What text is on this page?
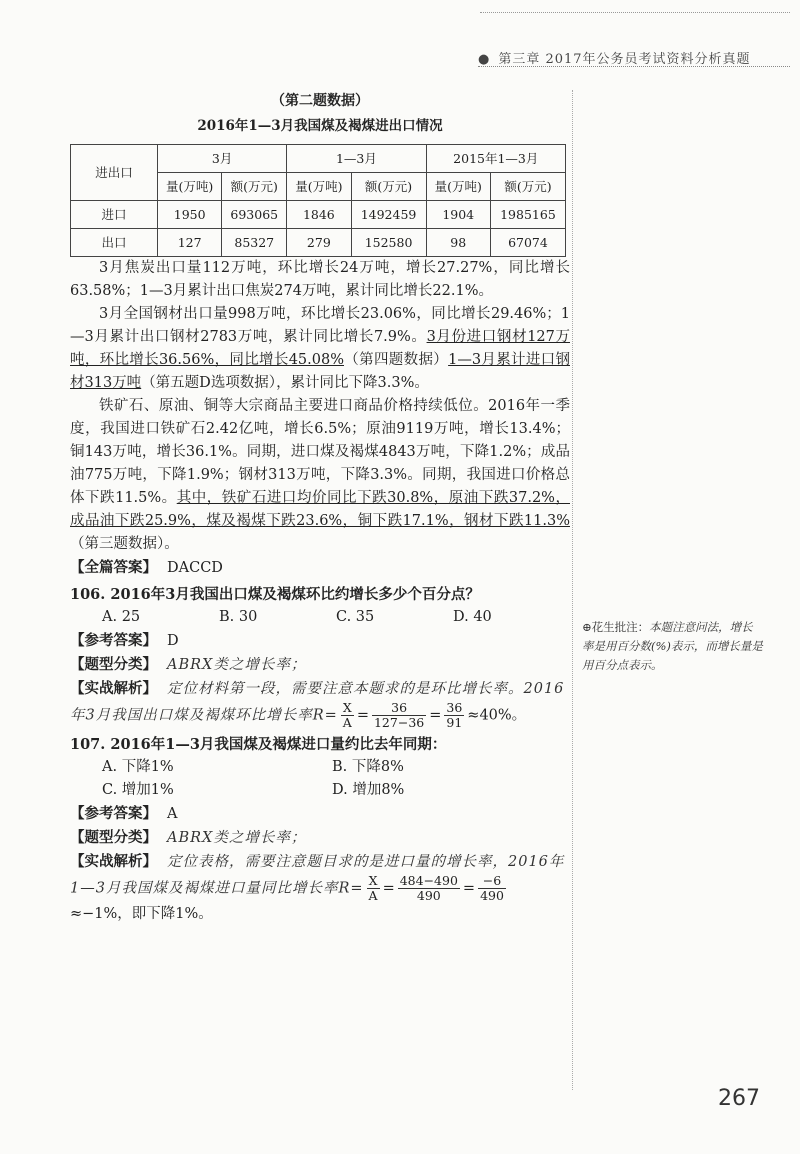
● 第三章 2017年公务员考试资料分析真题

（第二题数据）

2016年1—3月我国煤及褐煤进出口情况

进出口	3月		1—3月		2015年1—3月	
	量(万吨)	额(万元)	量(万吨)	额(万元)	量(万吨)	额(万元)
进口	1950	693065	1846	1492459	1904	1985165
出口	127	85327	279	152580	98	67074

3月焦炭出口量112万吨，环比增长24万吨，增长27.27%，同比增长63.58%；1—3月累计出口焦炭274万吨，累计同比增长22.1%。

3月全国钢材出口量998万吨，环比增长23.06%，同比增长29.46%；1—3月累计出口钢材2783万吨，累计同比增长7.9%。3月份进口钢材127万吨，环比增长36.56%，同比增长45.08%（第四题数据）1—3月累计进口钢材313万吨（第五题D选项数据），累计同比下降3.3%。

铁矿石、原油、铜等大宗商品主要进口商品价格持续低位。2016年一季度，我国进口铁矿石2.42亿吨，增长6.5%；原油9119万吨，增长13.4%；铜143万吨，增长36.1%。同期，进口煤及褐煤4843万吨，下降1.2%；成品油775万吨，下降1.9%；钢材313万吨，下降3.3%。同期，我国进口价格总体下跌11.5%。其中，铁矿石进口均价同比下跌30.8%，原油下跌37.2%，成品油下跌25.9%，煤及褐煤下跌23.6%，铜下跌17.1%，钢材下跌11.3%（第三题数据）。

【全篇答案】 DACCD

106. 2016年3月我国出口煤及褐煤环比约增长多少个百分点？

A. 25	B. 30	C. 35	D. 40

【参考答案】 D

【题型分类】 ABRX类之增长率；

【实战解析】 定位材料第一段，需要注意本题求的是环比增长率。2016年3月我国出口煤及褐煤环比增长率$R= \frac{X}{A} = \frac{36}{127-36} = \frac{36}{91} \approx 40\%$。

107. 2016年1—3月我国煤及褐煤进口量约比去年同期：

A. 下降1%	B. 下降8%
C. 增加1%	D. 增加8%

【参考答案】 A

【题型分类】 ABRX类之增长率；

【实战解析】 定位表格，需要注意题目求的是进口量的增长率，2016年1—3月我国煤及褐煤进口量同比增长率$R= \frac{X}{A} = \frac{484-490}{490} = \frac{-6}{490}$
≈−1%，即下降1%。

⊕花生批注：本题注意问法，增长率是用百分数(%)表示，而增长量是用百分点表示。
267
